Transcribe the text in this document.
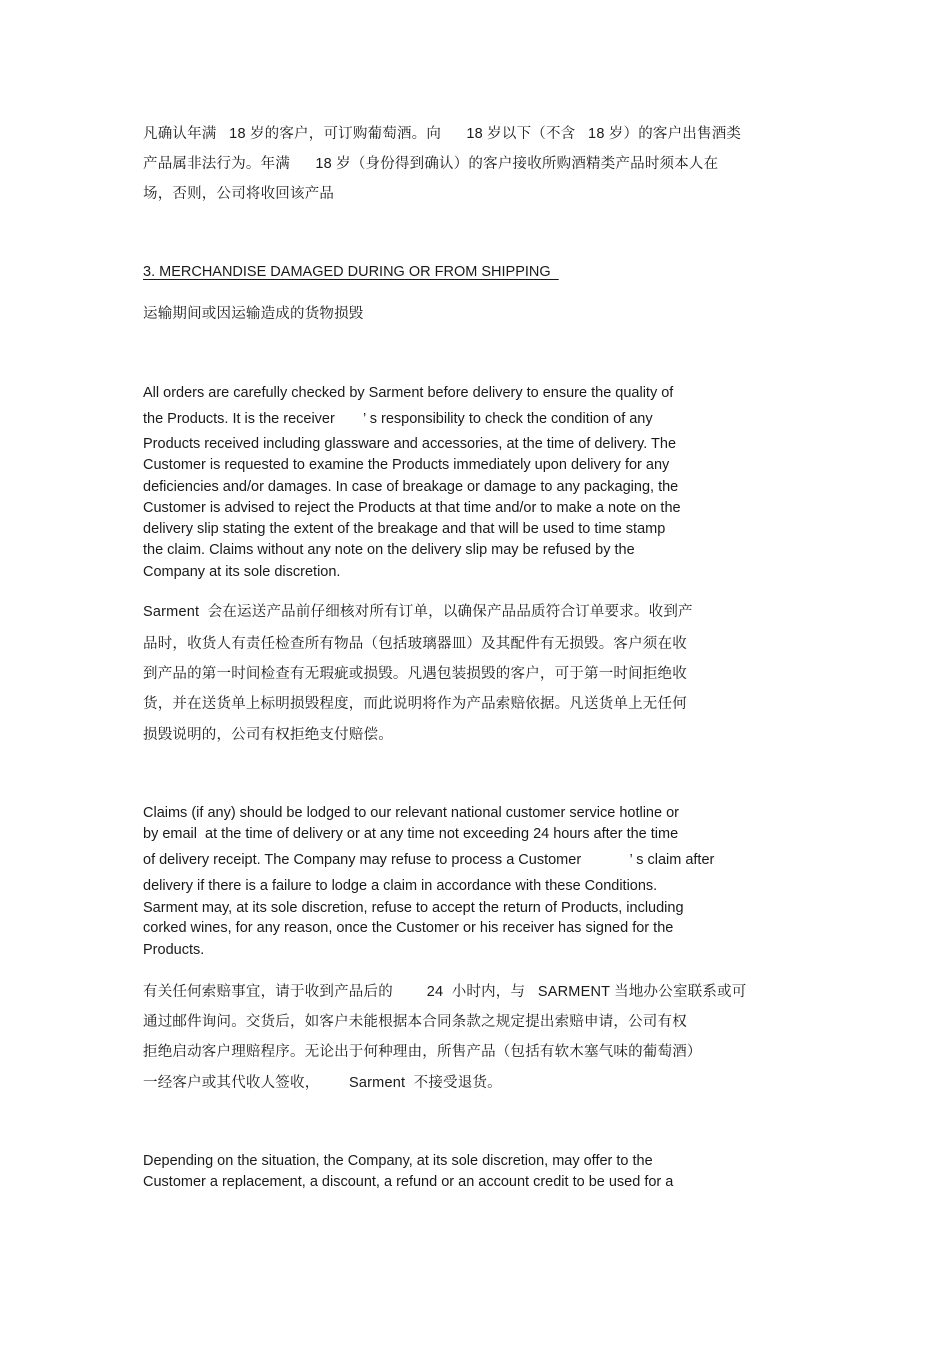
凡确认年满   18 岁的客户，可订购葡萄酒。向      18 岁以下（不含   18 岁）的客户出售酒类
产品属非法行为。年满      18 岁（身份得到确认）的客户接收所购酒精类产品时须本人在
场，否则，公司将收回该产品
3. MERCHANDISE DAMAGED DURING OR FROM SHIPPING
运输期间或因运输造成的货物损毁
All orders are carefully checked by Sarment before delivery to ensure the quality of
the Products. It is the receiver       ’ s responsibility to check the condition of any
Products received including glassware and accessories, at the time of delivery. The
Customer is requested to examine the Products immediately upon delivery for any
deficiencies and/or damages. In case of breakage or damage to any packaging, the
Customer is advised to reject the Products at that time and/or to make a note on the
delivery slip stating the extent of the breakage and that will be used to time stamp
the claim. Claims without any note on the delivery slip may be refused by the
Company at its sole discretion.
Sarment  会在运送产品前仔细核对所有订单，以确保产品品质符合订单要求。收到产
品时，收货人有责任检查所有物品（包括玻璃器皿）及其配件有无损毁。客户须在收
到产品的第一时间检查有无瑕疵或损毁。凡遇包装损毁的客户，可于第一时间拒绝收
货，并在送货单上标明损毁程度，而此说明将作为产品索赔依据。凡送货单上无任何
损毁说明的，公司有权拒绝支付赔偿。
Claims (if any) should be lodged to our relevant national customer service hotline or
by email  at the time of delivery or at any time not exceeding 24 hours after the time
of delivery receipt. The Company may refuse to process a Customer            ’ s claim after
delivery if there is a failure to lodge a claim in accordance with these Conditions.
Sarment may, at its sole discretion, refuse to accept the return of Products, including
corked wines, for any reason, once the Customer or his receiver has signed for the
Products.
有关任何索赔事宜，请于收到产品后的        24  小时内，与   SARMENT 当地办公室联系或可
通过邮件询问。交货后，如客户未能根据本合同条款之规定提出索赔申请，公司有权
拒绝启动客户理赔程序。无论出于何种理由，所售产品（包括有软木塞气味的葡萄酒）
一经客户或其代收人签收，       Sarment  不接受退货。
Depending on the situation, the Company, at its sole discretion, may offer to the
Customer a replacement, a discount, a refund or an account credit to be used for a
